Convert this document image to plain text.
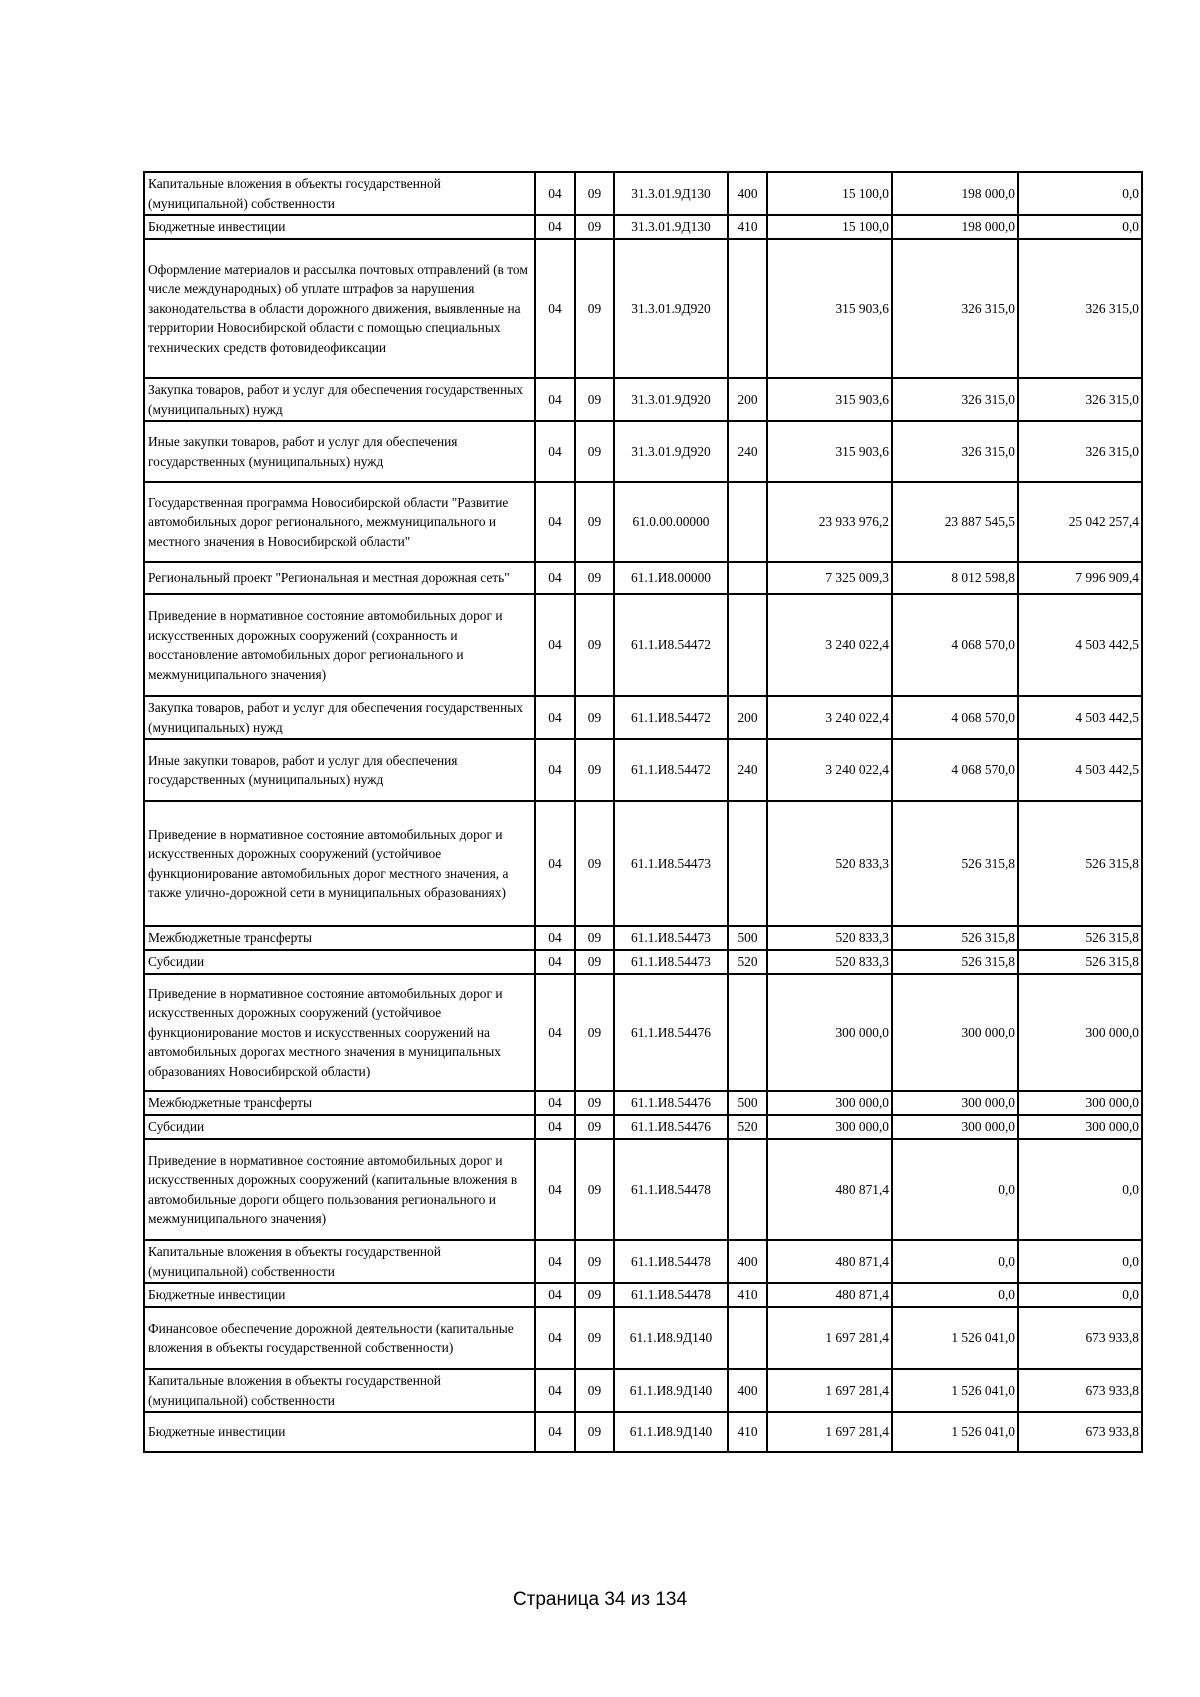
Капитальные вложения в объекты государственной (муниципальной) собственности	04	09	31.3.01.9Д130	400	15 100,0	198 000,0	0,0
Бюджетные инвестиции	04	09	31.3.01.9Д130	410	15 100,0	198 000,0	0,0
Оформление материалов и рассылка почтовых отправлений (в том числе международных) об уплате штрафов за нарушения законодательства в области дорожного движения, выявленные на территории Новосибирской области с помощью специальных технических средств фотовидеофиксации	04	09	31.3.01.9Д920		315 903,6	326 315,0	326 315,0
Закупка товаров, работ и услуг для обеспечения государственных (муниципальных) нужд	04	09	31.3.01.9Д920	200	315 903,6	326 315,0	326 315,0
Иные закупки товаров, работ и услуг для обеспечения государственных (муниципальных) нужд	04	09	31.3.01.9Д920	240	315 903,6	326 315,0	326 315,0
Государственная программа Новосибирской области "Развитие автомобильных дорог регионального, межмуниципального и местного значения в Новосибирской области"	04	09	61.0.00.00000		23 933 976,2	23 887 545,5	25 042 257,4
Региональный проект "Региональная и местная дорожная сеть"	04	09	61.1.И8.00000		7 325 009,3	8 012 598,8	7 996 909,4
Приведение в нормативное состояние автомобильных дорог и искусственных дорожных сооружений (сохранность и восстановление автомобильных дорог регионального и межмуниципального значения)	04	09	61.1.И8.54472		3 240 022,4	4 068 570,0	4 503 442,5
Закупка товаров, работ и услуг для обеспечения государственных (муниципальных) нужд	04	09	61.1.И8.54472	200	3 240 022,4	4 068 570,0	4 503 442,5
Иные закупки товаров, работ и услуг для обеспечения государственных (муниципальных) нужд	04	09	61.1.И8.54472	240	3 240 022,4	4 068 570,0	4 503 442,5
Приведение в нормативное состояние автомобильных дорог и искусственных дорожных сооружений (устойчивое функционирование автомобильных дорог местного значения, а также улично-дорожной сети в муниципальных образованиях)	04	09	61.1.И8.54473		520 833,3	526 315,8	526 315,8
Межбюджетные трансферты	04	09	61.1.И8.54473	500	520 833,3	526 315,8	526 315,8
Субсидии	04	09	61.1.И8.54473	520	520 833,3	526 315,8	526 315,8
Приведение в нормативное состояние автомобильных дорог и искусственных дорожных сооружений (устойчивое функционирование мостов и искусственных сооружений на автомобильных дорогах местного значения в муниципальных образованиях Новосибирской области)	04	09	61.1.И8.54476		300 000,0	300 000,0	300 000,0
Межбюджетные трансферты	04	09	61.1.И8.54476	500	300 000,0	300 000,0	300 000,0
Субсидии	04	09	61.1.И8.54476	520	300 000,0	300 000,0	300 000,0
Приведение в нормативное состояние автомобильных дорог и искусственных дорожных сооружений (капитальные вложения в автомобильные дороги общего пользования регионального и межмуниципального значения)	04	09	61.1.И8.54478		480 871,4	0,0	0,0
Капитальные вложения в объекты государственной (муниципальной) собственности	04	09	61.1.И8.54478	400	480 871,4	0,0	0,0
Бюджетные инвестиции	04	09	61.1.И8.54478	410	480 871,4	0,0	0,0
Финансовое обеспечение дорожной деятельности (капитальные вложения в объекты государственной собственности)	04	09	61.1.И8.9Д140		1 697 281,4	1 526 041,0	673 933,8
Капитальные вложения в объекты государственной (муниципальной) собственности	04	09	61.1.И8.9Д140	400	1 697 281,4	1 526 041,0	673 933,8
Бюджетные инвестиции	04	09	61.1.И8.9Д140	410	1 697 281,4	1 526 041,0	673 933,8
Страница 34 из 134
